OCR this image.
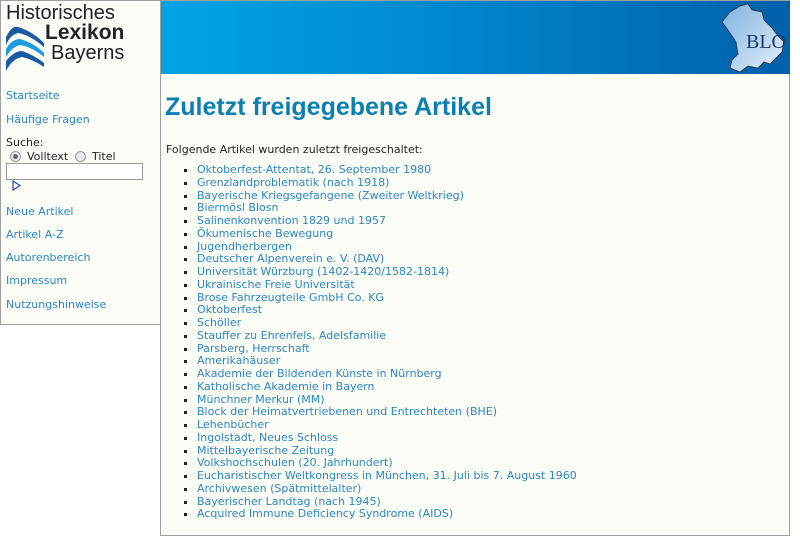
Historisches
Lexikon
Bayerns	BLO
Startseite
Häufige Fragen
Suche:
Volltext Titel
Neue Artikel
Artikel A-Z
Autorenbereich
Impressum
Nutzungshinweise
Zuletzt freigegebene Artikel
Folgende Artikel wurden zuletzt freigeschaltet:
Oktoberfest-Attentat, 26. September 1980
Grenzlandproblematik (nach 1918)
Bayerische Kriegsgefangene (Zweiter Weltkrieg)
Biermösl Blosn
Salinenkonvention 1829 und 1957
Ökumenische Bewegung
Jugendherbergen
Deutscher Alpenverein e. V. (DAV)
Universität Würzburg (1402-1420/1582-1814)
Ukrainische Freie Universität
Brose Fahrzeugteile GmbH Co. KG
Oktoberfest
Schöller
Stauffer zu Ehrenfels, Adelsfamilie
Parsberg, Herrschaft
Amerikahäuser
Akademie der Bildenden Künste in Nürnberg
Katholische Akademie in Bayern
Münchner Merkur (MM)
Block der Heimatvertriebenen und Entrechteten (BHE)
Lehenbücher
Ingolstadt, Neues Schloss
Mittelbayerische Zeitung
Volkshochschulen (20. Jahrhundert)
Eucharistischer Weltkongress in München, 31. Juli bis 7. August 1960
Archivwesen (Spätmittelalter)
Bayerischer Landtag (nach 1945)
Acquired Immune Deficiency Syndrome (AIDS)
